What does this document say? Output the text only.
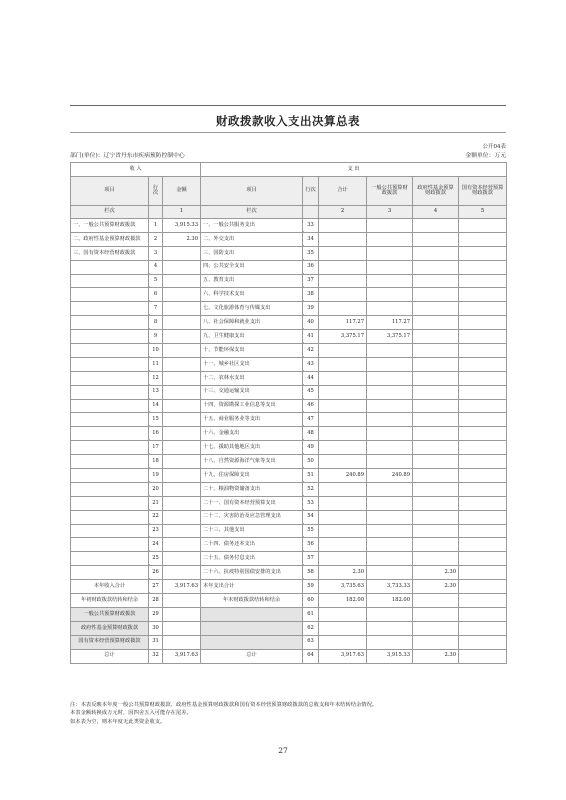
财政拨款收入支出决算总表
公开04表
部门(单位)：辽宁省丹东市疾病预防控制中心	金额单位：万元
收 入			支 出					
项目	行次	金额	项目	行次	合计	一般公共预算财政拨款	政府性基金预算财政拨款	国有资本经营预算财政拨款
栏次		1	栏次		2	3	4	5
一、一般公共预算财政拨款	1	3,915.33	一、一般公共服务支出	33				
二、政府性基金预算财政拨款	2	2.30	二、外交支出	34				
三、国有资本经营财政拨款	3		三、国防支出	35				
	4		四、公共安全支出	36				
	5		五、教育支出	37				
	6		六、科学技术支出	38				
	7		七、文化旅游体育与传媒支出	39				
	8		八、社会保障和就业支出	40	117.27	117.27		
	9		九、卫生健康支出	41	3,375.17	3,375.17		
	10		十、节能环保支出	42				
	11		十一、城乡社区支出	43				
	12		十二、农林水支出	44				
	13		十三、交通运输支出	45				
	14		十四、资源勘探工业信息等支出	46				
	15		十五、商业服务业等支出	47				
	16		十六、金融支出	48				
	17		十七、援助其他地区支出	49				
	18		十八、自然资源海洋气象等支出	50				
	19		十九、住房保障支出	51	240.89	240.89		
	20		二十、粮油物资储备支出	52				
	21		二十一、国有资本经营预算支出	53				
	22		二十二、灾害防治及应急管理支出	54				
	23		二十三、其他支出	55				
	24		二十四、债务还本支出	56				
	25		二十五、债务付息支出	57				
	26		二十六、抗疫特别国债安排的支出	58	2.30		2.30	
本年收入合计	27	3,917.63	本年支出合计	59	3,735.63	3,733.33	2.30	
年初财政拨款结转和结余	28		年末财政拨款结转和结余	60	182.00	182.00		
一般公共预算财政拨款	29			61				
政府性基金预算财政拨款	30			62				
国有资本经营预算财政拨款	31			63				
总计	32	3,917.63	总计	64	3,917.63	3,915.33	2.30	
注：本表反映本年度一般公共预算财政拨款、政府性基金预算财政拨款和国有资本经营预算财政拨款的总收支和年末结转结余情况。
本表金额转换成万元时，因四舍五入可能存在尾差。
如本表为空，则本年度无此类资金收支。
27
